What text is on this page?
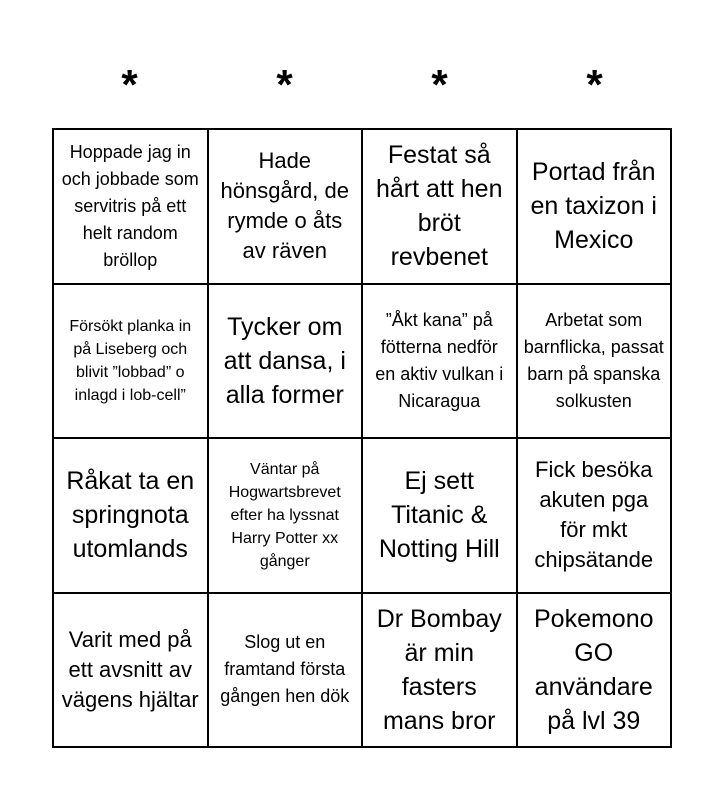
*	*	*	*
Hoppade jag in och jobbade som servitris på ett helt random bröllop
Hade hönsgård, de rymde o åts av räven
Festat så hårt att hen bröt revbenet
Portad från en taxizon i Mexico
Försökt planka in på Liseberg och blivit ”lobbad” o inlagd i lob-cell”
Tycker om att dansa, i alla former
”Åkt kana” på fötterna nedför en aktiv vulkan i Nicaragua
Arbetat som barnflicka, passat barn på spanska solkusten
Råkat ta en springnota utomlands
Väntar på Hogwartsbrevet efter ha lyssnat Harry Potter xx gånger
Ej sett Titanic & Notting Hill
Fick besöka akuten pga för mkt chipsätande
Varit med på ett avsnitt av vägens hjältar
Slog ut en framtand första gången hen dök
Dr Bombay är min fasters mans bror
Pokemono GO användare på lvl 39
